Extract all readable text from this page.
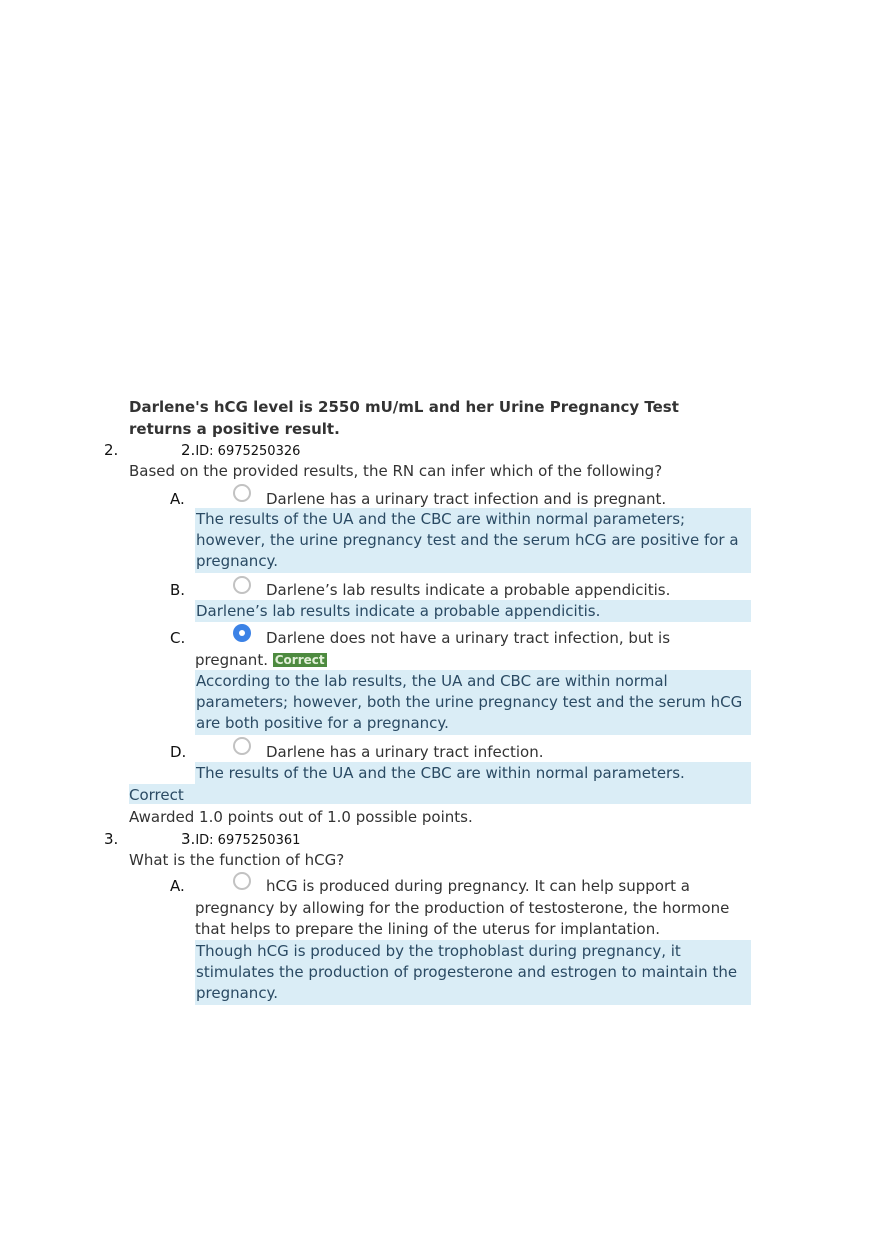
Darlene's hCG level is 2550 mU/mL and her Urine Pregnancy Test
returns a positive result.
2.	2.ID: 6975250326
Based on the provided results, the RN can infer which of the following?
A.	Darlene has a urinary tract infection and is pregnant.
The results of the UA and the CBC are within normal parameters;
however, the urine pregnancy test and the serum hCG are positive for a
pregnancy.
B.	Darlene’s lab results indicate a probable appendicitis.
Darlene’s lab results indicate a probable appendicitis.
C.	Darlene does not have a urinary tract infection, but is
pregnant. Correct
According to the lab results, the UA and CBC are within normal
parameters; however, both the urine pregnancy test and the serum hCG
are both positive for a pregnancy.
D.	Darlene has a urinary tract infection.
The results of the UA and the CBC are within normal parameters.
Correct
Awarded 1.0 points out of 1.0 possible points.
3.	3.ID: 6975250361
What is the function of hCG?
A.	hCG is produced during pregnancy. It can help support a
pregnancy by allowing for the production of testosterone, the hormone
that helps to prepare the lining of the uterus for implantation.
Though hCG is produced by the trophoblast during pregnancy, it
stimulates the production of progesterone and estrogen to maintain the
pregnancy.
